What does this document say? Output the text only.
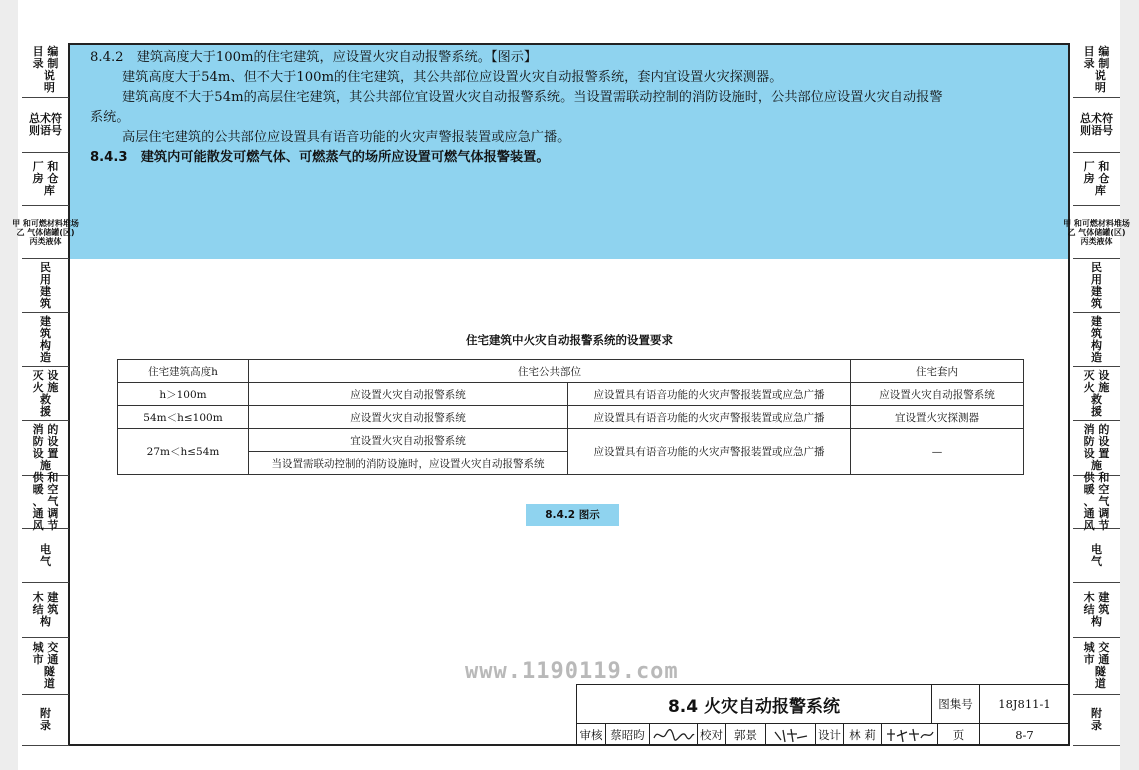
8.4.2　建筑高度大于100m的住宅建筑，应设置火灾自动报警系统。【图示】
建筑高度大于54m、但不大于100m的住宅建筑，其公共部位应设置火灾自动报警系统，套内宜设置火灾探测器。
建筑高度不大于54m的高层住宅建筑，其公共部位宜设置火灾自动报警系统。当设置需联动控制的消防设施时，公共部位应设置火灾自动报警
系统。
高层住宅建筑的公共部位应设置具有语音功能的火灾声警报装置或应急广播。
8.4.3　建筑内可能散发可燃气体、可燃蒸气的场所应设置可燃气体报警装置。
目 编
录 制
说
明
总术符
则语号
厂 和
房 仓
库
甲 和可燃材料堆场
乙 气体储罐(区)
丙类液体
民
用
建
筑
建
筑
构
造
灭 设
火 施
救
援
消 的
防 设
设 置
施
供 和
暖 空
、 气
通 调
风 节
电
气
木 建
结 筑
构
城 交
市 通
隧
道
附
录
目 编
录 制
说
明
总术符
则语号
厂 和
房 仓
库
甲 和可燃材料堆场
乙 气体储罐(区)
丙类液体
民
用
建
筑
建
筑
构
造
灭 设
火 施
救
援
消 的
防 设
设 置
施
供 和
暖 空
、 气
通 调
风 节
电
气
木 建
结 筑
构
城 交
市 通
隧
道
附
录
住宅建筑中火灾自动报警系统的设置要求
住宅建筑高度h	住宅公共部位		住宅套内
h＞100m	应设置火灾自动报警系统	应设置具有语音功能的火灾声警报装置或应急广播	应设置火灾自动报警系统
54m＜h≤100m	应设置火灾自动报警系统	应设置具有语音功能的火灾声警报装置或应急广播	宜设置火灾探测器
27m＜h≤54m	宜设置火灾自动报警系统	应设置具有语音功能的火灾声警报装置或应急广播	—
	当设置需联动控制的消防设施时，应设置火灾自动报警系统		
8.4.2 图示
www.1190119.com
8.4 火灾自动报警系统	图集号	18J811-1
审核 蔡昭昀	校对 郭景	设计 林 莉	页	8-7
